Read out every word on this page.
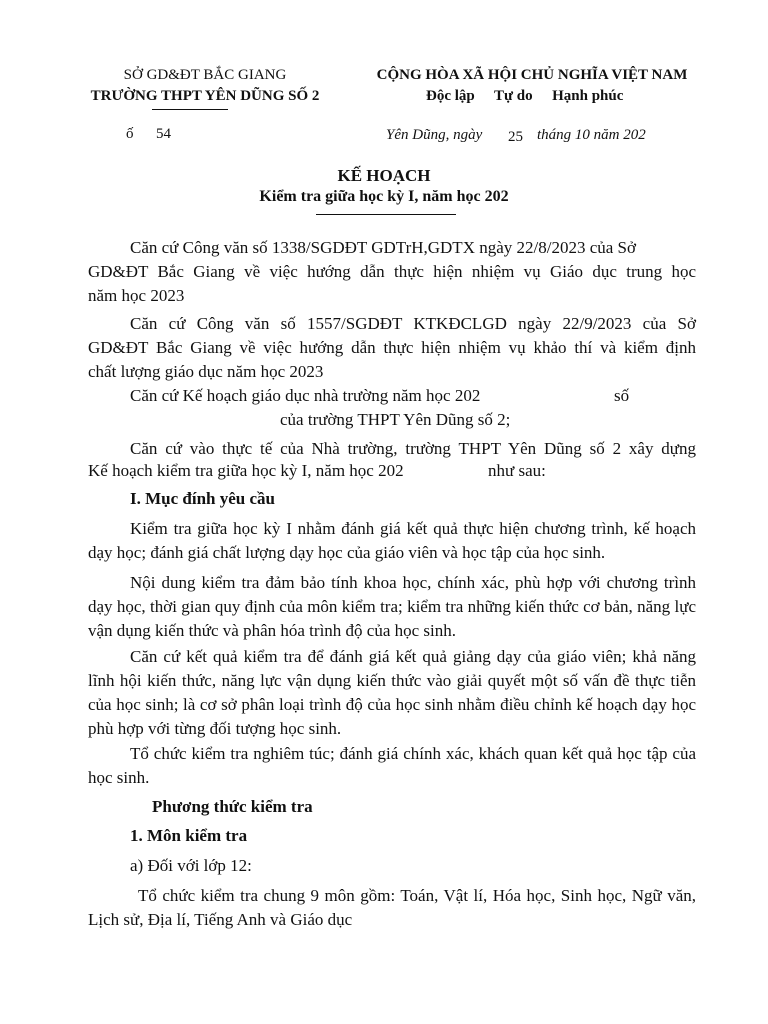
SỞ GD&ĐT BẮC GIANG
TRƯỜNG THPT YÊN DŨNG SỐ 2
CỘNG HÒA XÃ HỘI CHỦ NGHĨA VIỆT NAM
Độc lập Tự do Hạnh phúc
ố 54	Yên Dũng, ngày 25 tháng 10 năm 202
KẾ HOẠCH
Kiểm tra giữa học kỳ I, năm học 202
Căn cứ Công văn số 1338/SGDĐT GDTrH,GDTX ngày 22/8/2023 của Sở
GD&ĐT Bắc Giang về việc hướng dẫn thực hiện nhiệm vụ Giáo dục trung học
năm học 2023
Căn cứ Công văn số 1557/SGDĐT KTKĐCLGD ngày 22/9/2023 của Sở
GD&ĐT Bắc Giang về việc hướng dẫn thực hiện nhiệm vụ khảo thí và kiểm định
chất lượng giáo dục năm học 2023
Căn cứ Kế hoạch giáo dục nhà trường năm học 202	số
của trường THPT Yên Dũng số 2;
Căn cứ vào thực tế của Nhà trường, trường THPT Yên Dũng số 2 xây dựng
Kế hoạch kiểm tra giữa học kỳ I, năm học 202	như sau:
I. Mục đính yêu cầu
Kiểm tra giữa học kỳ I nhằm đánh giá kết quả thực hiện chương trình, kế hoạch dạy học; đánh giá chất lượng dạy học của giáo viên và học tập của học sinh.
Nội dung kiểm tra đảm bảo tính khoa học, chính xác, phù hợp với chương trình dạy học, thời gian quy định của môn kiểm tra; kiểm tra những kiến thức cơ bản, năng lực vận dụng kiến thức và phân hóa trình độ của học sinh.
Căn cứ kết quả kiểm tra để đánh giá kết quả giảng dạy của giáo viên; khả năng lĩnh hội kiến thức, năng lực vận dụng kiến thức vào giải quyết một số vấn đề thực tiễn của học sinh; là cơ sở phân loại trình độ của học sinh nhằm điều chỉnh kế hoạch dạy học phù hợp với từng đối tượng học sinh.
Tổ chức kiểm tra nghiêm túc; đánh giá chính xác, khách quan kết quả học tập của học sinh.
Phương thức kiểm tra
1. Môn kiểm tra
a) Đối với lớp 12:
Tổ chức kiểm tra chung 9 môn gồm: Toán, Vật lí, Hóa học, Sinh học, Ngữ văn, Lịch sử, Địa lí, Tiếng Anh và Giáo dục
